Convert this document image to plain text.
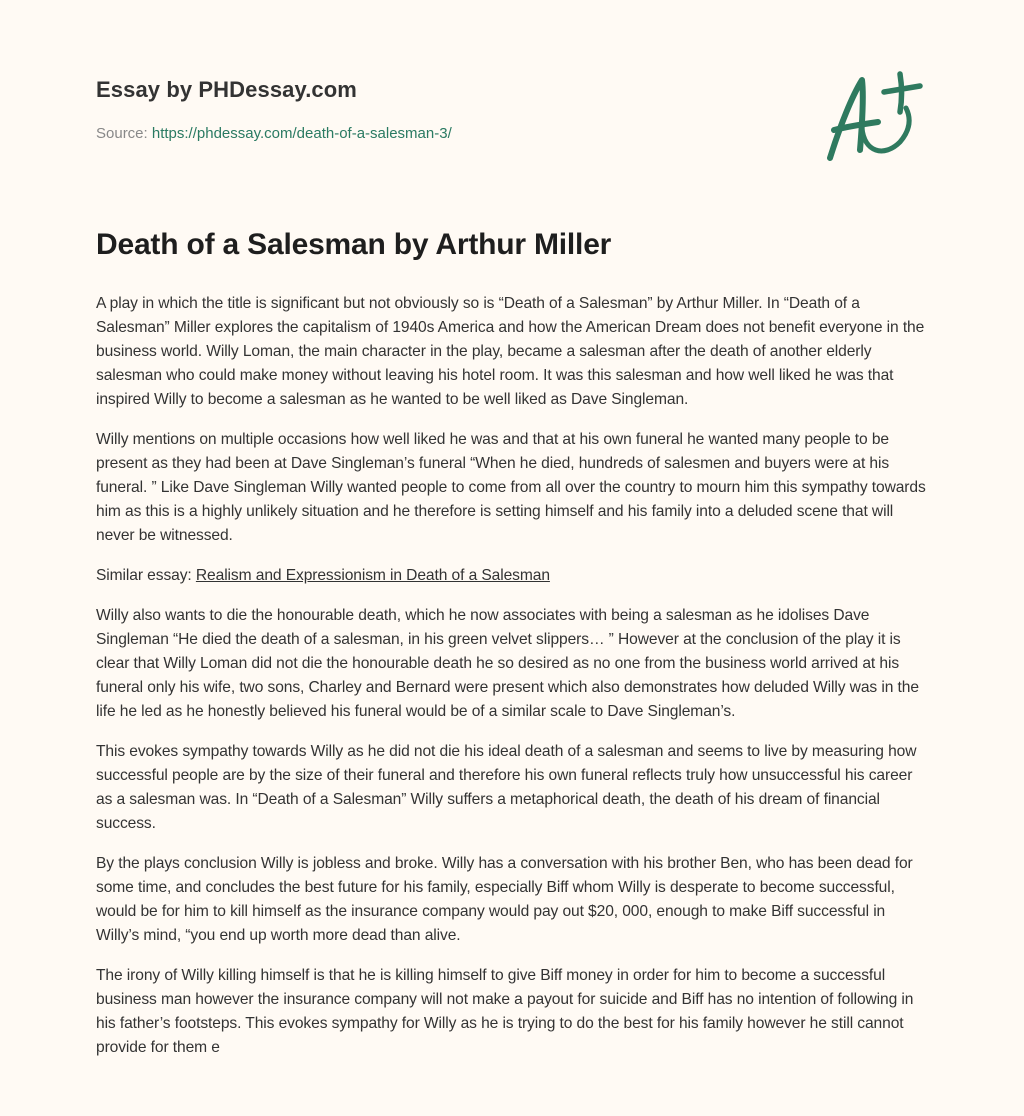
Essay by PHDessay.com
Source: https://phdessay.com/death-of-a-salesman-3/
Death of a Salesman by Arthur Miller

A play in which the title is significant but not obviously so is “Death of a Salesman” by Arthur Miller. In “Death of a Salesman” Miller explores the capitalism of 1940s America and how the American Dream does not benefit everyone in the business world. Willy Loman, the main character in the play, became a salesman after the death of another elderly salesman who could make money without leaving his hotel room. It was this salesman and how well liked he was that inspired Willy to become a salesman as he wanted to be well liked as Dave Singleman.

Willy mentions on multiple occasions how well liked he was and that at his own funeral he wanted many people to be present as they had been at Dave Singleman’s funeral “When he died, hundreds of salesmen and buyers were at his funeral. ” Like Dave Singleman Willy wanted people to come from all over the country to mourn him this sympathy towards him as this is a highly unlikely situation and he therefore is setting himself and his family into a deluded scene that will never be witnessed.

Similar essay: Realism and Expressionism in Death of a Salesman

Willy also wants to die the honourable death, which he now associates with being a salesman as he idolises Dave Singleman “He died the death of a salesman, in his green velvet slippers… ” However at the conclusion of the play it is clear that Willy Loman did not die the honourable death he so desired as no one from the business world arrived at his funeral only his wife, two sons, Charley and Bernard were present which also demonstrates how deluded Willy was in the life he led as he honestly believed his funeral would be of a similar scale to Dave Singleman’s.

This evokes sympathy towards Willy as he did not die his ideal death of a salesman and seems to live by measuring how successful people are by the size of their funeral and therefore his own funeral reflects truly how unsuccessful his career as a salesman was. In “Death of a Salesman” Willy suffers a metaphorical death, the death of his dream of financial success.

By the plays conclusion Willy is jobless and broke. Willy has a conversation with his brother Ben, who has been dead for some time, and concludes the best future for his family, especially Biff whom Willy is desperate to become successful, would be for him to kill himself as the insurance company would pay out $20, 000, enough to make Biff successful in Willy’s mind, “you end up worth more dead than alive.

The irony of Willy killing himself is that he is killing himself to give Biff money in order for him to become a successful business man however the insurance company will not make a payout for suicide and Biff has no intention of following in his father’s footsteps. This evokes sympathy for Willy as he is trying to do the best for his family however he still cannot provide for them e
